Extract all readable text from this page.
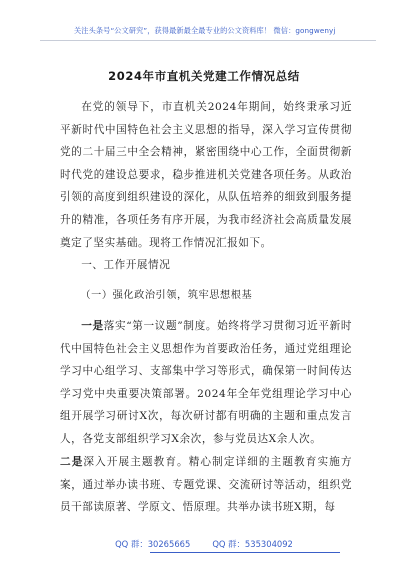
关注头条号“公文研究”，获得最新最全最专业的公文资料库！ 微信：gongwenyj
2024年市直机关党建工作情况总结

在党的领导下，市直机关2024年期间，始终秉承习近平新时代中国特色社会主义思想的指导，深入学习宣传贯彻党的二十届三中全会精神，紧密围绕中心工作，全面贯彻新时代党的建设总要求，稳步推进机关党建各项任务。从政治引领的高度到组织建设的深化，从队伍培养的细致到服务提升的精准，各项任务有序开展，为我市经济社会高质量发展奠定了坚实基础。现将工作情况汇报如下。

一、工作开展情况

（一）强化政治引领，筑牢思想根基

一是落实“第一议题”制度。始终将学习贯彻习近平新时代中国特色社会主义思想作为首要政治任务，通过党组理论学习中心组学习、支部集中学习等形式，确保第一时间传达学习党中央重要决策部署。2024年全年党组理论学习中心组开展学习研讨X次，每次研讨都有明确的主题和重点发言人，各党支部组织学习X余次，参与党员达X余人次。

二是深入开展主题教育。精心制定详细的主题教育实施方案，通过举办读书班、专题党课、交流研讨等活动，组织党员干部读原著、学原文、悟原理。共举办读书班X期，每

QQ 群：30265665	QQ 群：535304092
